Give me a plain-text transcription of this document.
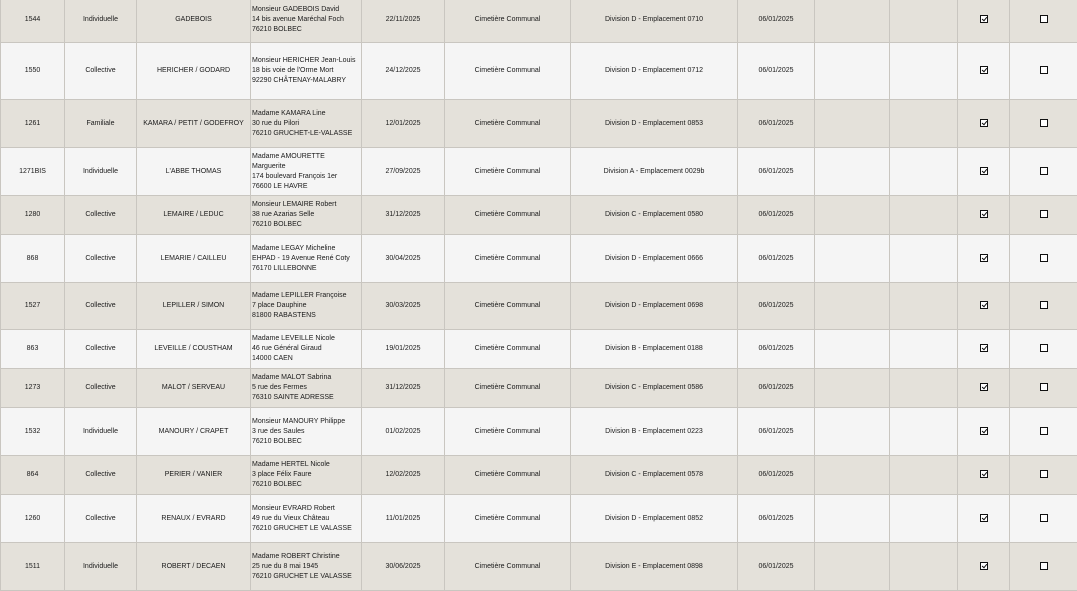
1544	Individuelle	GADEBOIS	Monsieur GADEBOIS David
14 bis avenue Maréchal Foch
76210 BOLBEC	22/11/2025	Cimetière Communal	Division D - Emplacement 0710	06/01/2025				
1550	Collective	HERICHER / GODARD	Monsieur HERICHER Jean-Louis
18 bis voie de l'Orme Mort
92290 CHÂTENAY-MALABRY	24/12/2025	Cimetière Communal	Division D - Emplacement 0712	06/01/2025				
1261	Familiale	KAMARA / PETIT / GODEFROY	Madame KAMARA Line
30 rue du Pilori
76210 GRUCHET-LE-VALASSE	12/01/2025	Cimetière Communal	Division D - Emplacement 0853	06/01/2025				
1271BIS	Individuelle	L'ABBE THOMAS	Madame AMOURETTE
Marguerite
174 boulevard François 1er
76600 LE HAVRE	27/09/2025	Cimetière Communal	Division A - Emplacement 0029b	06/01/2025				
1280	Collective	LEMAIRE / LEDUC	Monsieur LEMAIRE Robert
38 rue Azarias Selle
76210 BOLBEC	31/12/2025	Cimetière Communal	Division C - Emplacement 0580	06/01/2025				
868	Collective	LEMARIE / CAILLEU	Madame LEGAY Micheline
EHPAD - 19 Avenue René Coty
76170 LILLEBONNE	30/04/2025	Cimetière Communal	Division D - Emplacement 0666	06/01/2025				
1527	Collective	LEPILLER / SIMON	Madame LEPILLER Françoise
7 place Dauphine
81800 RABASTENS	30/03/2025	Cimetière Communal	Division D - Emplacement 0698	06/01/2025				
863	Collective	LEVEILLE / COUSTHAM	Madame LEVEILLE Nicole
46 rue Général Giraud
14000 CAEN	19/01/2025	Cimetière Communal	Division B - Emplacement 0188	06/01/2025				
1273	Collective	MALOT / SERVEAU	Madame MALOT Sabrina
5 rue des Fermes
76310 SAINTE ADRESSE	31/12/2025	Cimetière Communal	Division C - Emplacement 0586	06/01/2025				
1532	Individuelle	MANOURY / CRAPET	Monsieur MANOURY Philippe
3 rue des Saules
76210 BOLBEC	01/02/2025	Cimetière Communal	Division B - Emplacement 0223	06/01/2025				
864	Collective	PERIER / VANIER	Madame HERTEL Nicole
3 place Félix Faure
76210 BOLBEC	12/02/2025	Cimetière Communal	Division C - Emplacement 0578	06/01/2025				
1260	Collective	RENAUX / EVRARD	Monsieur EVRARD Robert
49 rue du Vieux Château
76210 GRUCHET LE VALASSE	11/01/2025	Cimetière Communal	Division D - Emplacement 0852	06/01/2025				
1511	Individuelle	ROBERT / DECAEN	Madame ROBERT Christine
25 rue du 8 mai 1945
76210 GRUCHET LE VALASSE	30/06/2025	Cimetière Communal	Division E - Emplacement 0898	06/01/2025				
